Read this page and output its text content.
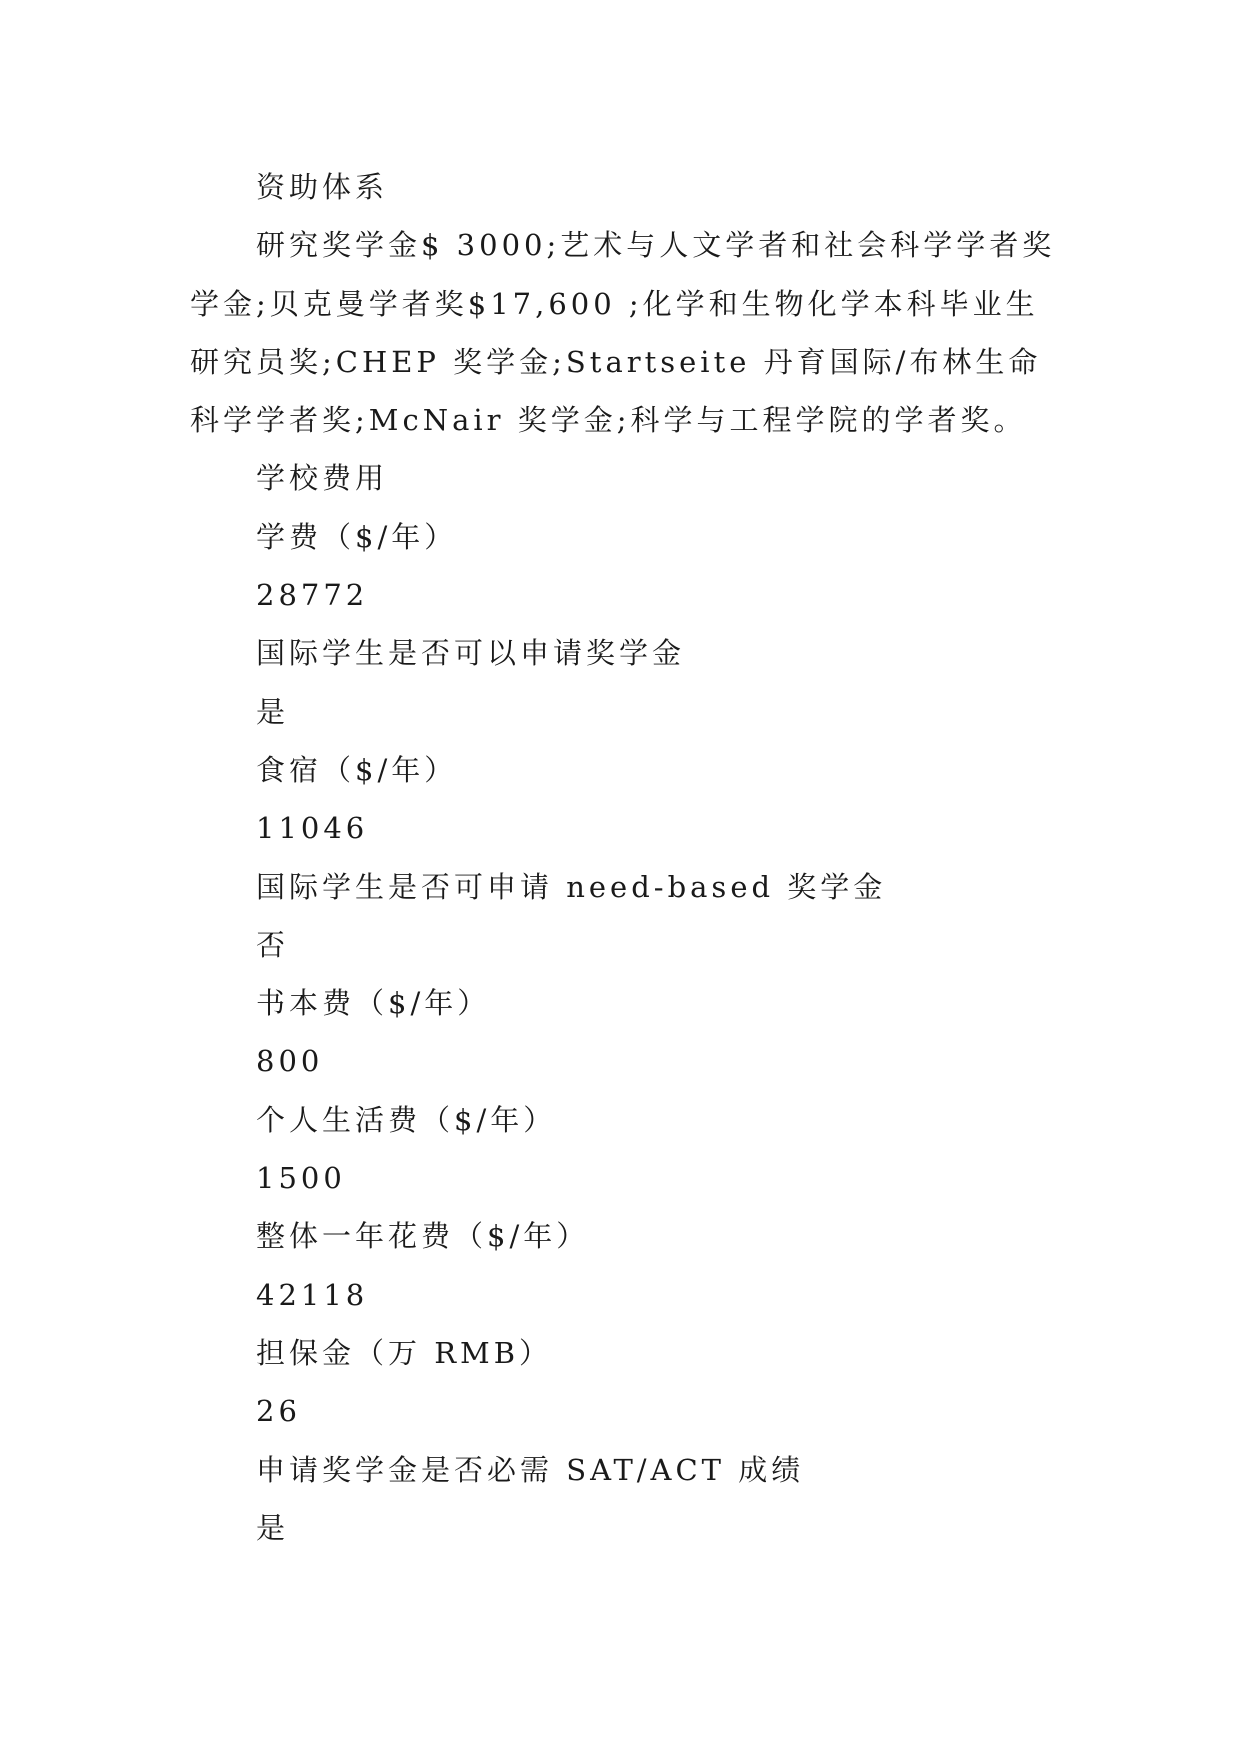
资助体系

研究奖学金$ 3000;艺术与人文学者和社会科学学者奖学金;贝克曼学者奖$17,600 ;化学和生物化学本科毕业生研究员奖;CHEP 奖学金;Startseite 丹育国际/布林生命科学学者奖;McNair 奖学金;科学与工程学院的学者奖。

学校费用

学费（$/年）

28772

国际学生是否可以申请奖学金

是

食宿（$/年）

11046

国际学生是否可申请 need-based 奖学金

否

书本费（$/年）

800

个人生活费（$/年）

1500

整体一年花费（$/年）

42118

担保金（万 RMB）

26

申请奖学金是否必需 SAT/ACT 成绩

是
